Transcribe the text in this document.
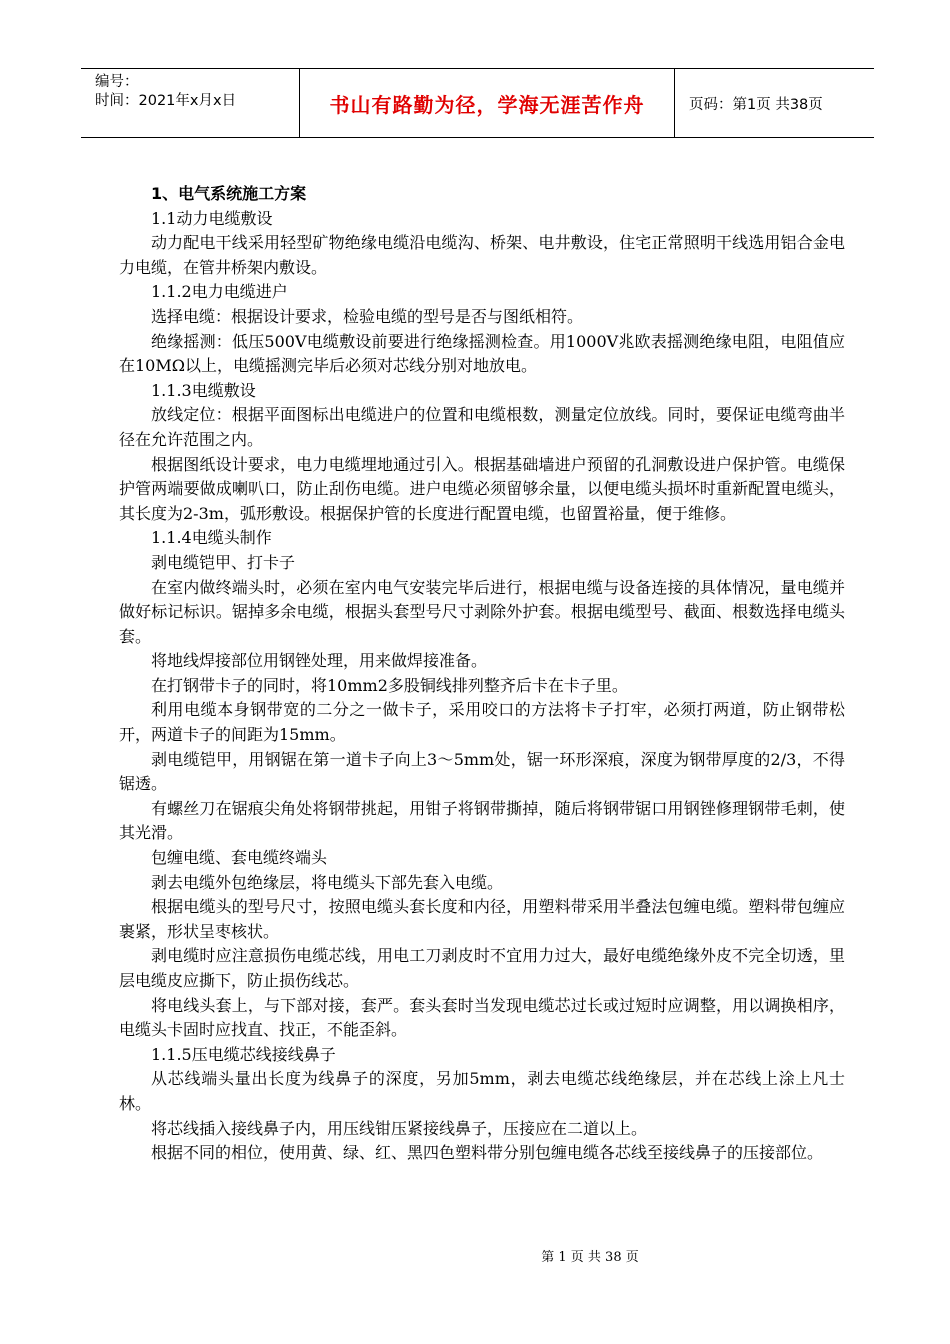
编号：
时间：2021年x月x日	书山有路勤为径，学海无涯苦作舟	页码：第1页 共38页

1、电气系统施工方案

1.1动力电缆敷设

动力配电干线采用轻型矿物绝缘电缆沿电缆沟、桥架、电井敷设，住宅正常照明干线选用铝合金电力电缆，在管井桥架内敷设。

1.1.2电力电缆进户

选择电缆：根据设计要求，检验电缆的型号是否与图纸相符。

绝缘摇测：低压500V电缆敷设前要进行绝缘摇测检查。用1000V兆欧表摇测绝缘电阻，电阻值应在10MΩ以上，电缆摇测完毕后必须对芯线分别对地放电。

1.1.3电缆敷设

放线定位：根据平面图标出电缆进户的位置和电缆根数，测量定位放线。同时，要保证电缆弯曲半径在允许范围之内。

根据图纸设计要求，电力电缆埋地通过引入。根据基础墙进户预留的孔洞敷设进户保护管。电缆保护管两端要做成喇叭口，防止刮伤电缆。进户电缆必须留够余量，以便电缆头损坏时重新配置电缆头，其长度为2-3m，弧形敷设。根据保护管的长度进行配置电缆，也留置裕量，便于维修。

1.1.4电缆头制作

剥电缆铠甲、打卡子

在室内做终端头时，必须在室内电气安装完毕后进行，根据电缆与设备连接的具体情况，量电缆并做好标记标识。锯掉多余电缆，根据头套型号尺寸剥除外护套。根据电缆型号、截面、根数选择电缆头套。

将地线焊接部位用钢锉处理，用来做焊接准备。

在打钢带卡子的同时，将10mm2多股铜线排列整齐后卡在卡子里。

利用电缆本身钢带宽的二分之一做卡子，采用咬口的方法将卡子打牢，必须打两道，防止钢带松开，两道卡子的间距为15mm。

剥电缆铠甲，用钢锯在第一道卡子向上3～5mm处，锯一环形深痕，深度为钢带厚度的2/3，不得锯透。

有螺丝刀在锯痕尖角处将钢带挑起，用钳子将钢带撕掉，随后将钢带锯口用钢锉修理钢带毛刺，使其光滑。

包缠电缆、套电缆终端头

剥去电缆外包绝缘层，将电缆头下部先套入电缆。

根据电缆头的型号尺寸，按照电缆头套长度和内径，用塑料带采用半叠法包缠电缆。塑料带包缠应裹紧，形状呈枣核状。

剥电缆时应注意损伤电缆芯线，用电工刀剥皮时不宜用力过大，最好电缆绝缘外皮不完全切透，里层电缆皮应撕下，防止损伤线芯。

将电线头套上，与下部对接，套严。套头套时当发现电缆芯过长或过短时应调整，用以调换相序，电缆头卡固时应找直、找正，不能歪斜。

1.1.5压电缆芯线接线鼻子

从芯线端头量出长度为线鼻子的深度，另加5mm，剥去电缆芯线绝缘层，并在芯线上涂上凡士林。

将芯线插入接线鼻子内，用压线钳压紧接线鼻子，压接应在二道以上。

根据不同的相位，使用黄、绿、红、黑四色塑料带分别包缠电缆各芯线至接线鼻子的压接部位。

第 1 页 共 38 页
